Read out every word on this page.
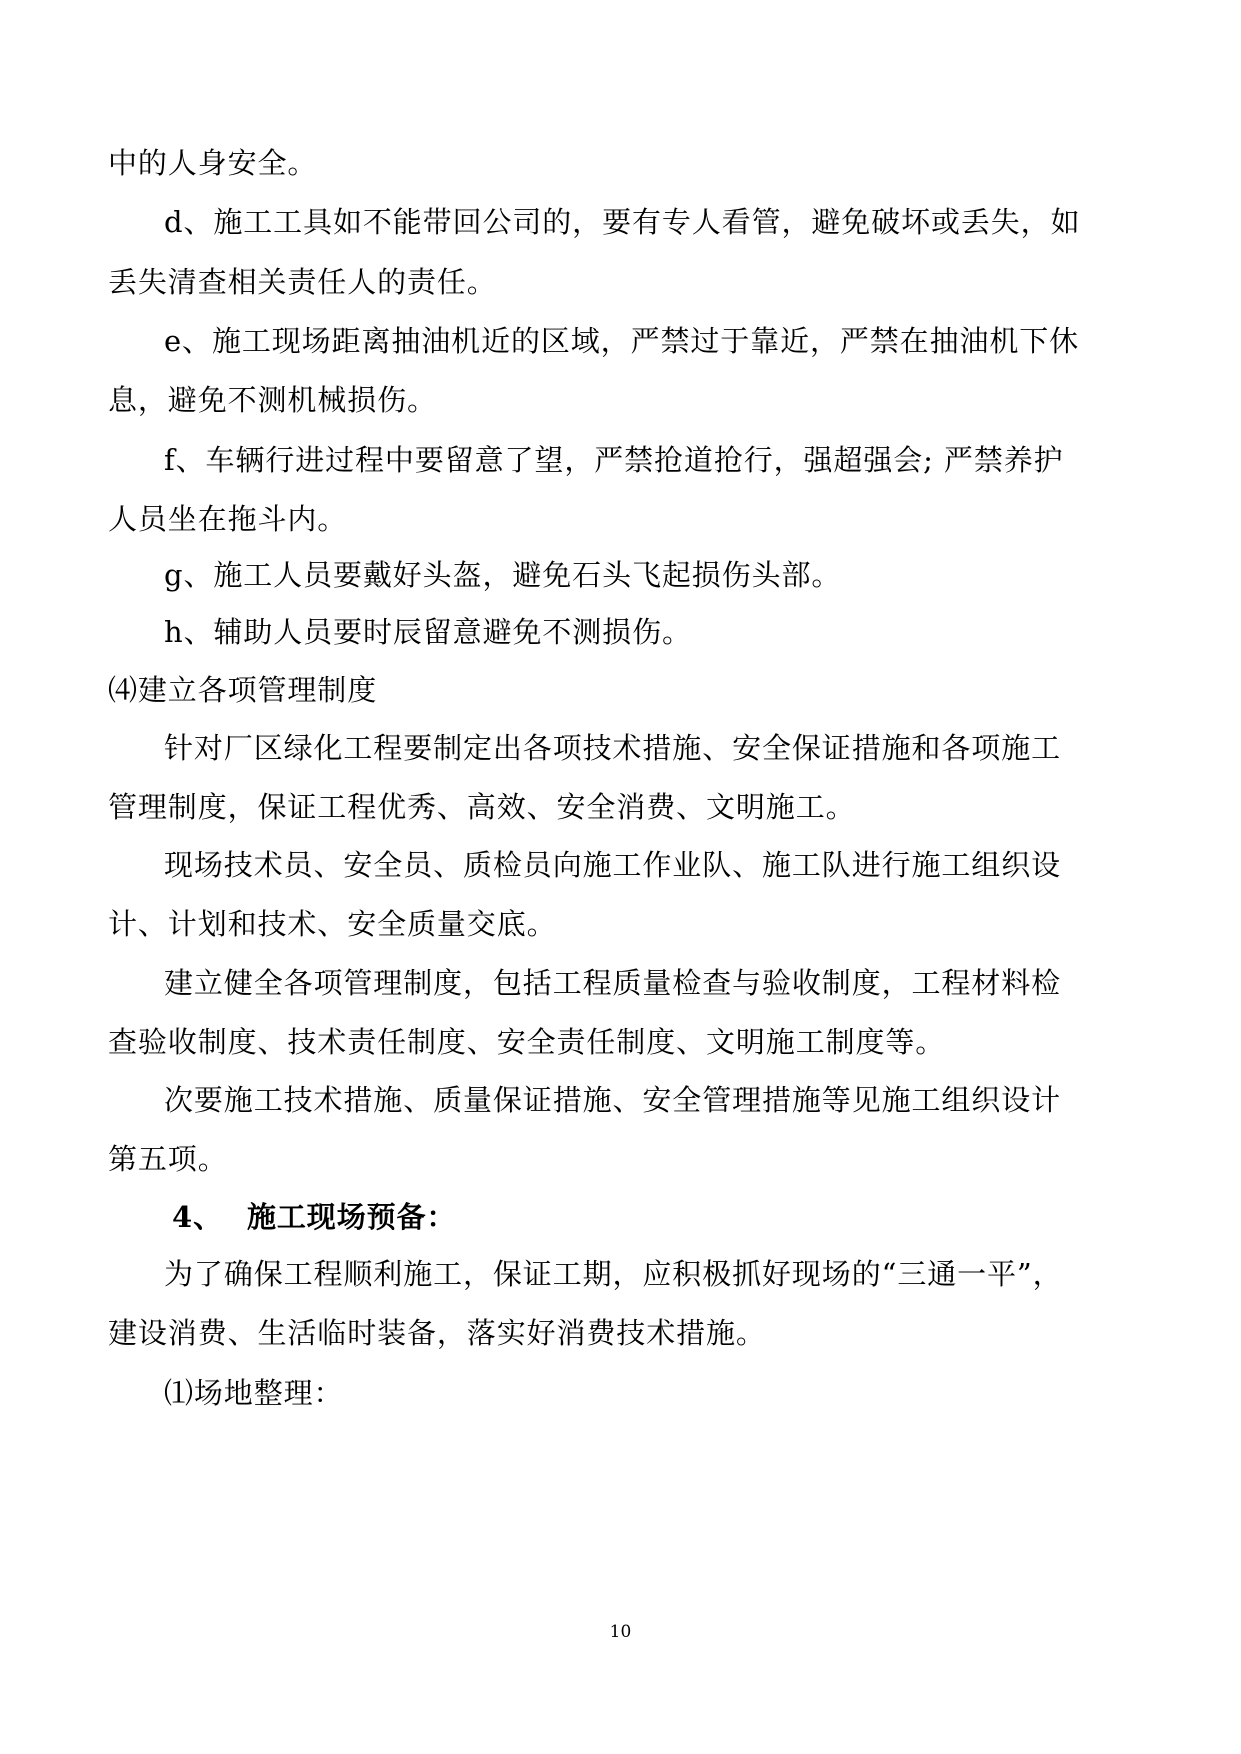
中的人身安全。
d、施工工具如不能带回公司的，要有专人看管，避免破坏或丢失，如
丢失清查相关责任人的责任。
e、施工现场距离抽油机近的区域，严禁过于靠近，严禁在抽油机下休
息，避免不测机械损伤。
f、车辆行进过程中要留意了望，严禁抢道抢行，强超强会; 严禁养护
人员坐在拖斗内。
g、施工人员要戴好头盔，避免石头飞起损伤头部。
h、辅助人员要时辰留意避免不测损伤。
⑷建立各项管理制度
针对厂区绿化工程要制定出各项技术措施、安全保证措施和各项施工
管理制度，保证工程优秀、高效、安全消费、文明施工。
现场技术员、安全员、质检员向施工作业队、施工队进行施工组织设
计、计划和技术、安全质量交底。
建立健全各项管理制度，包括工程质量检查与验收制度，工程材料检
查验收制度、技术责任制度、安全责任制度、文明施工制度等。
次要施工技术措施、质量保证措施、安全管理措施等见施工组织设计
第五项。
4、 施工现场预备：
为了确保工程顺利施工，保证工期，应积极抓好现场的“三通一平”，
建设消费、生活临时装备，落实好消费技术措施。
⑴场地整理：
10
